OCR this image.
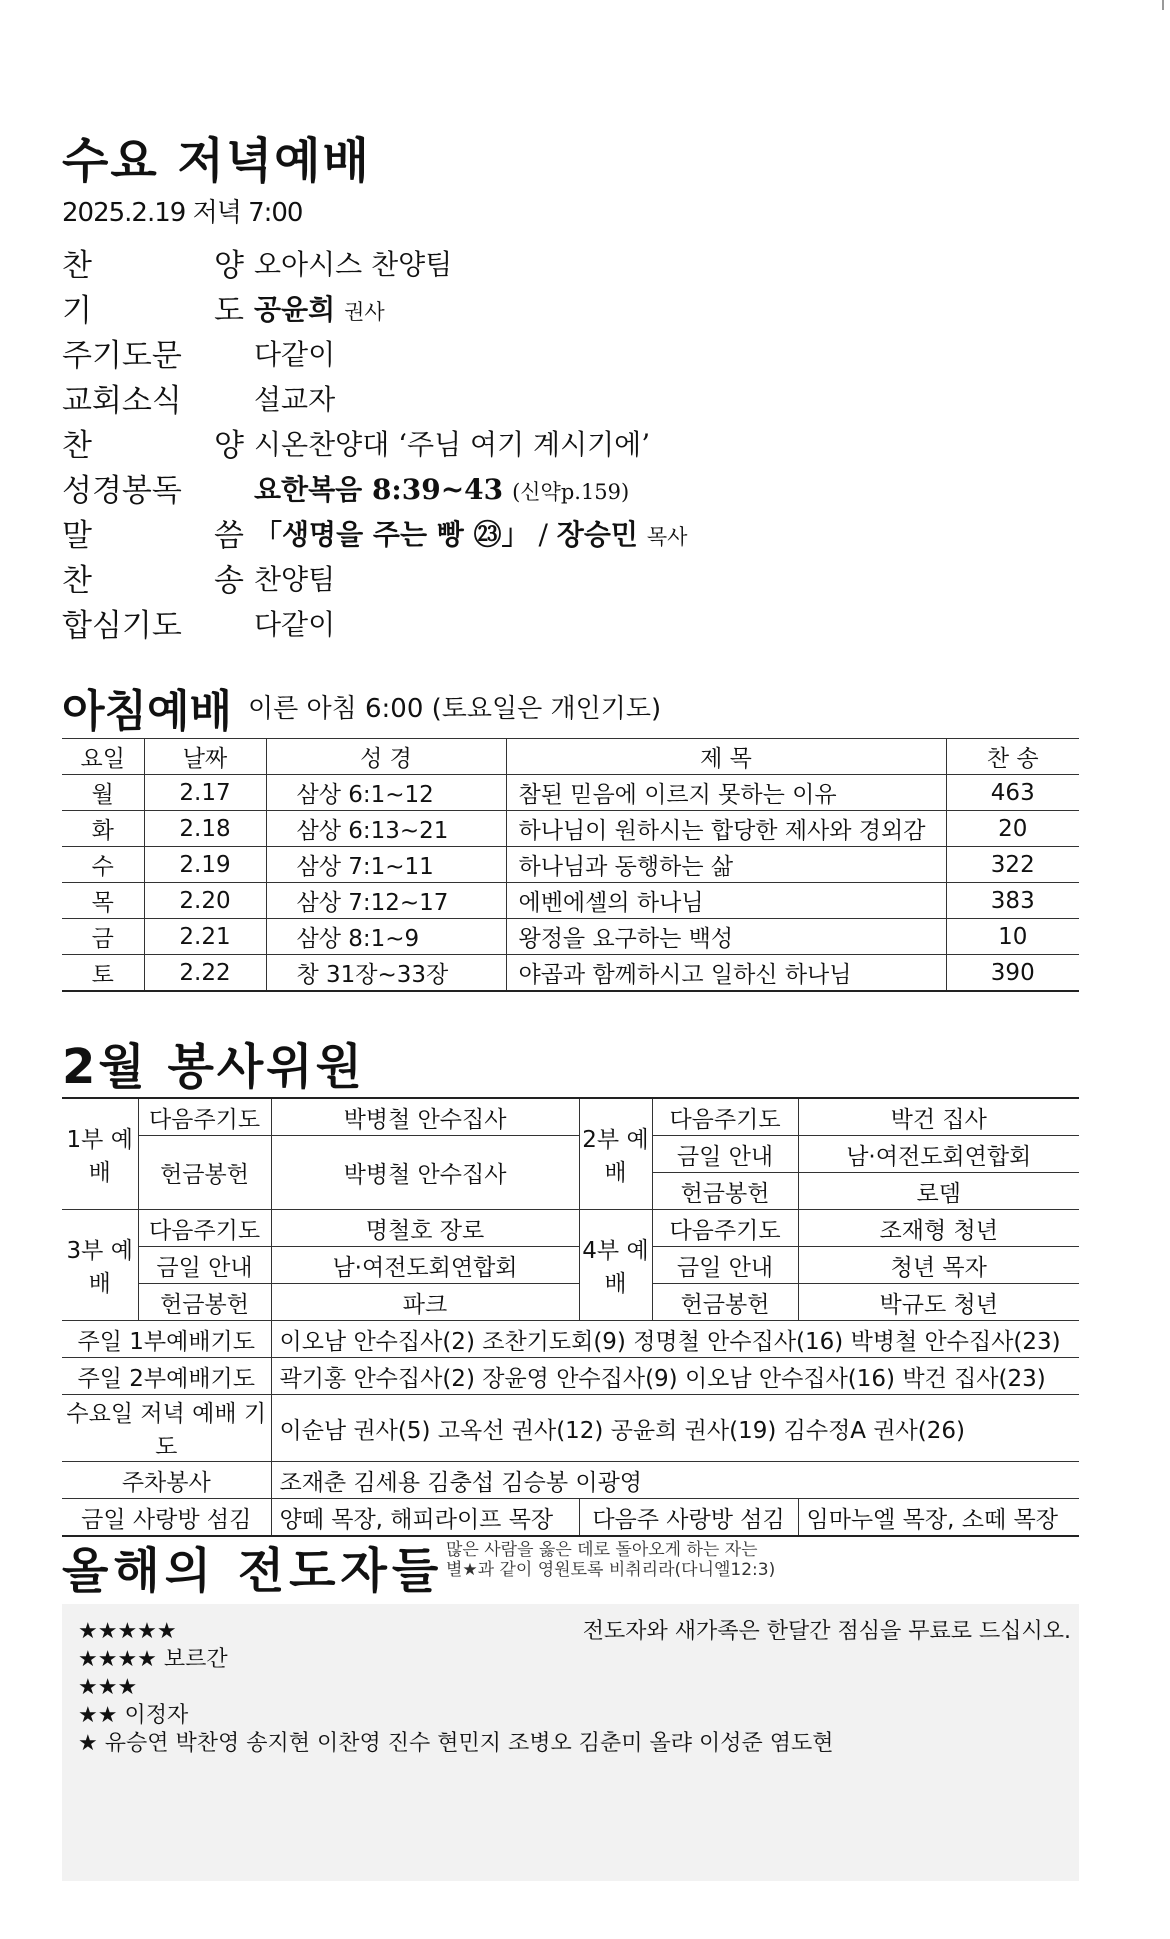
수요 저녁예배
2025.2.19 저녁 7:00
찬	양 오아시스 찬양팀
기	도 공윤희 권사
주기도문	다같이
교회소식	설교자
찬	양 시온찬양대 ‘주님 여기 계시기에’
성경봉독	요한복음 8:39~43 (신약p.159)
말	씀 「생명을 주는 빵 ㉓」 / 장승민 목사
찬	송 찬양팀
합심기도	다같이
아침예배 이른 아침 6:00 (토요일은 개인기도)
요일	날짜	성 경	제 목	찬 송
월	2.17	삼상 6:1~12	참된 믿음에 이르지 못하는 이유	463
화	2.18	삼상 6:13~21	하나님이 원하시는 합당한 제사와 경외감	20
수	2.19	삼상 7:1~11	하나님과 동행하는 삶	322
목	2.20	삼상 7:12~17	에벤에셀의 하나님	383
금	2.21	삼상 8:1~9	왕정을 요구하는 백성	10
토	2.22	창 31장~33장	야곱과 함께하시고 일하신 하나님	390
2월 봉사위원
1부 예배	다음주기도	박병철 안수집사	2부 예배	다음주기도	박건 집사
	헌금봉헌	박병철 안수집사		금일 안내	남·여전도회연합회
				헌금봉헌	로뎀
3부 예배	다음주기도	명철호 장로	4부 예배	다음주기도	조재형 청년
	금일 안내	남·여전도회연합회		금일 안내	청년 목자
	헌금봉헌	파크		헌금봉헌	박규도 청년
주일 1부예배기도		이오남 안수집사(2) 조찬기도회(9) 정명철 안수집사(16) 박병철 안수집사(23)			
주일 2부예배기도		곽기홍 안수집사(2) 장윤영 안수집사(9) 이오남 안수집사(16) 박건 집사(23)			
수요일 저녁 예배 기도		이순남 권사(5) 고옥선 권사(12) 공윤희 권사(19) 김수정A 권사(26)			
주차봉사		조재춘 김세용 김충섭 김승봉 이광영			
금일 사랑방 섬김		양떼 목장, 해피라이프 목장	다음주 사랑방 섬김		임마누엘 목장, 소떼 목장
올해의 전도자들 많은 사람을 옳은 데로 돌아오게 하는 자는
별★과 같이 영원토록 비취리라(다니엘12:3)
전도자와 새가족은 한달간 점심을 무료로 드십시오.
★★★★★
★★★★ 보르간
★★★
★★ 이정자
★ 유승연 박찬영 송지현 이찬영 진수 현민지 조병오 김춘미 올랴 이성준 염도현
